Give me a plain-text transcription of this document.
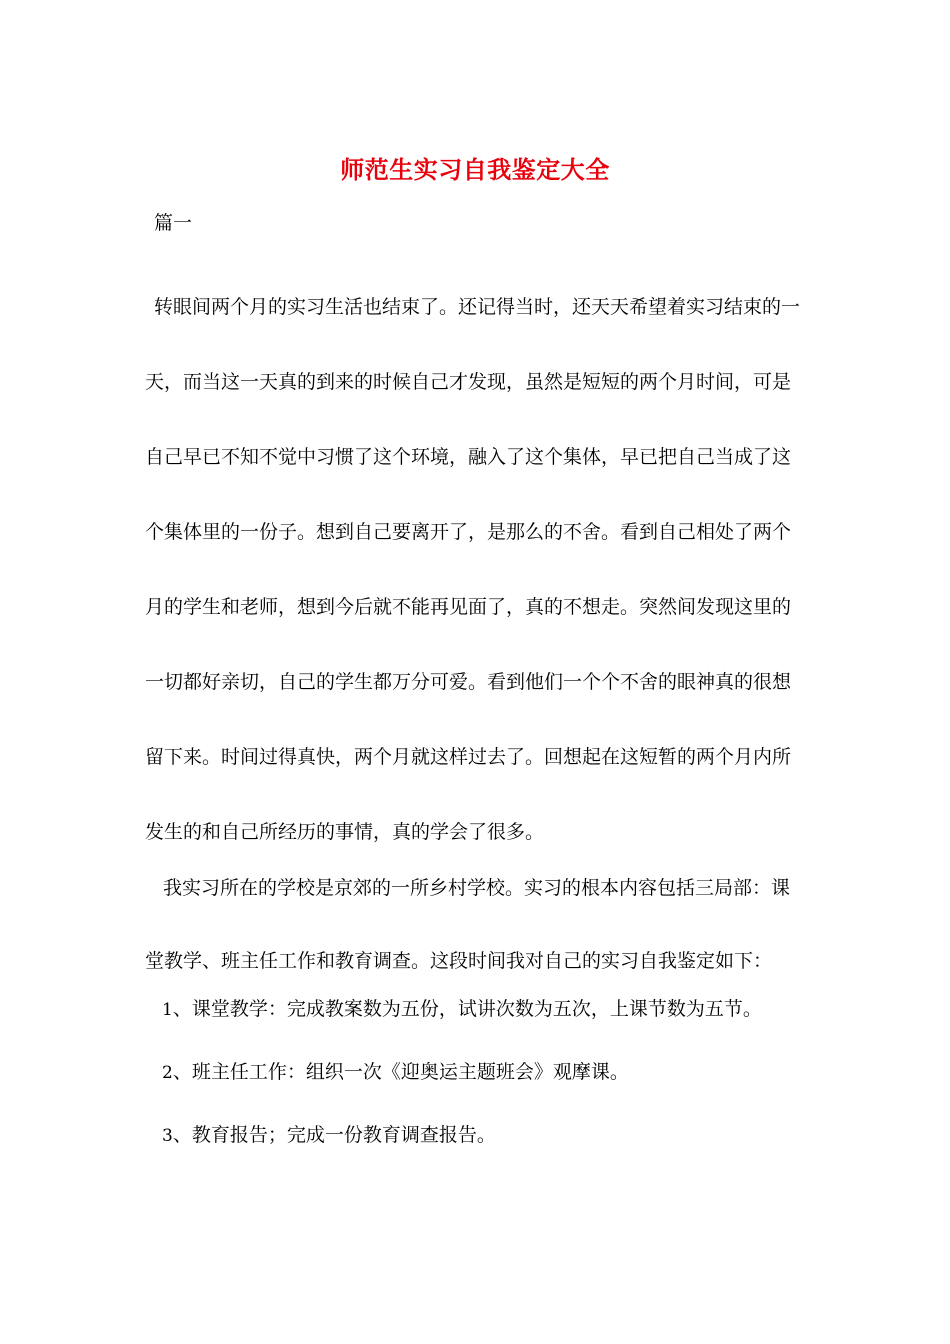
师范生实习自我鉴定大全
篇一
转眼间两个月的实习生活也结束了。还记得当时，还天天希望着实习结束的一天，而当这一天真的到来的时候自己才发现，虽然是短短的两个月时间，可是自己早已不知不觉中习惯了这个环境，融入了这个集体，早已把自己当成了这个集体里的一份子。想到自己要离开了，是那么的不舍。看到自己相处了两个月的学生和老师，想到今后就不能再见面了，真的不想走。突然间发现这里的一切都好亲切，自己的学生都万分可爱。看到他们一个个不舍的眼神真的很想留下来。时间过得真快，两个月就这样过去了。回想起在这短暂的两个月内所发生的和自己所经历的事情，真的学会了很多。
我实习所在的学校是京郊的一所乡村学校。实习的根本内容包括三局部：课堂教学、班主任工作和教育调查。这段时间我对自己的实习自我鉴定如下：
1、课堂教学：完成教案数为五份，试讲次数为五次，上课节数为五节。
2、班主任工作：组织一次《迎奥运主题班会》观摩课。
3、教育报告；完成一份教育调查报告。
